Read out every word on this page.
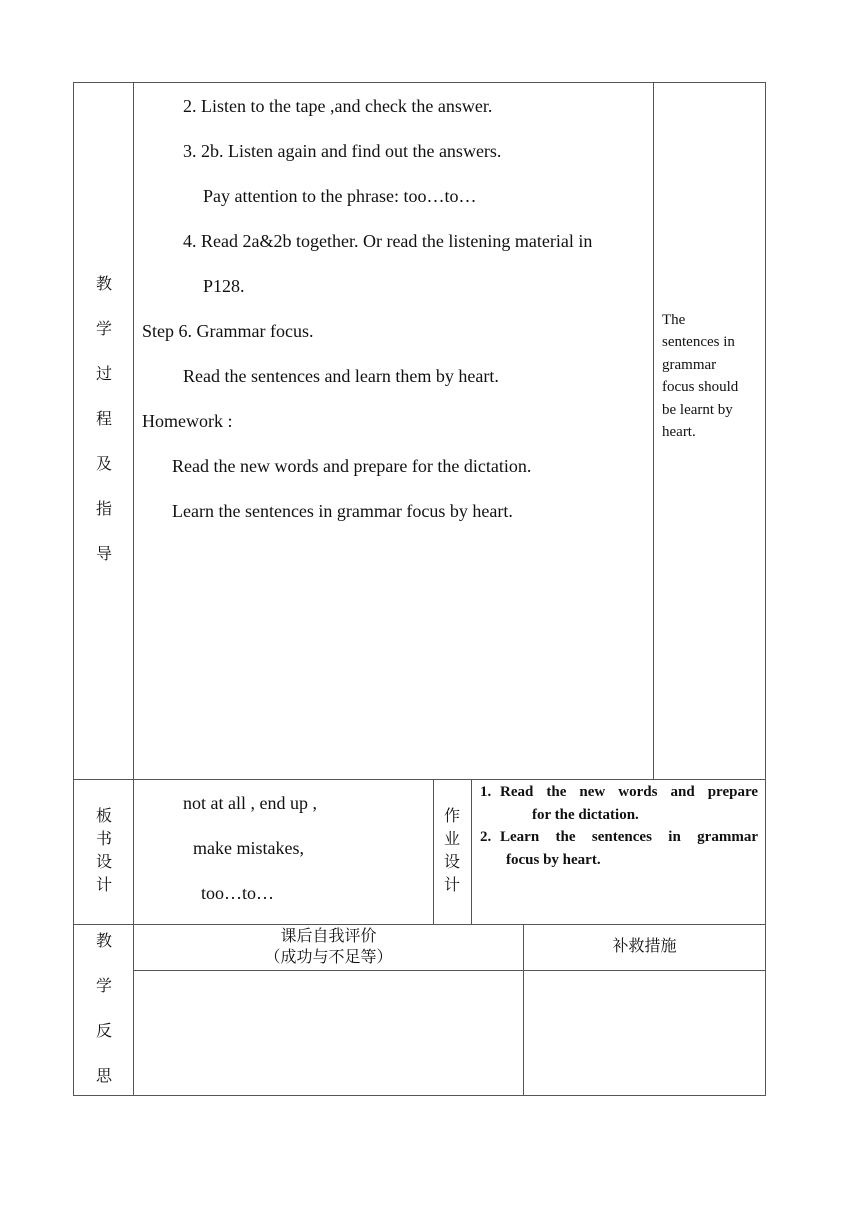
教
学
过
程
及
指
导
2. Listen to the tape ,and check the answer.
3. 2b. Listen again and find out the answers.
Pay attention to the phrase: too…to…
4. Read 2a&2b together. Or read the listening material in
P128.
Step 6. Grammar focus.
Read the sentences and learn them by heart.
Homework :
Read the new words and prepare for the dictation.
Learn the sentences in grammar focus by heart.
The
sentences in
grammar
focus should
be learnt by
heart.
板
书
设
计
not at all , end up ,
make mistakes,
too…to…
作
业
设
计
1. Read the new words and prepare
for the dictation.
2. Learn the sentences in grammar
focus by heart.
教
学
反
思
课后自我评价
（成功与不足等）
补救措施
